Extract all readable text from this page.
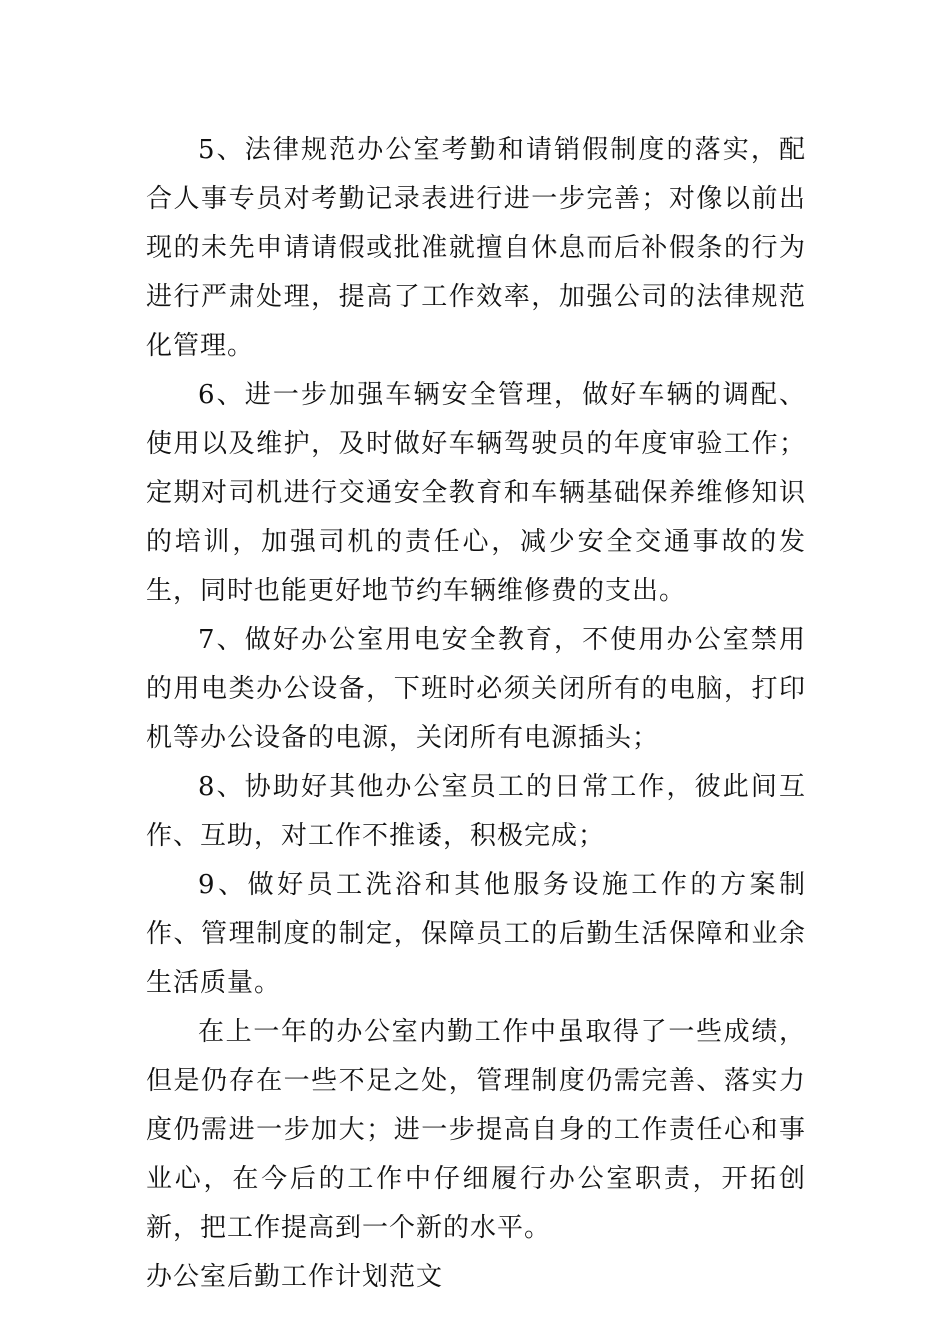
5、法律规范办公室考勤和请销假制度的落实，配合人事专员对考勤记录表进行进一步完善；对像以前出现的未先申请请假或批准就擅自休息而后补假条的行为进行严肃处理，提高了工作效率，加强公司的法律规范化管理。

6、进一步加强车辆安全管理，做好车辆的调配、使用以及维护，及时做好车辆驾驶员的年度审验工作；定期对司机进行交通安全教育和车辆基础保养维修知识的培训，加强司机的责任心，减少安全交通事故的发生，同时也能更好地节约车辆维修费的支出。

7、做好办公室用电安全教育，不使用办公室禁用的用电类办公设备，下班时必须关闭所有的电脑，打印机等办公设备的电源，关闭所有电源插头；

8、协助好其他办公室员工的日常工作，彼此间互作、互助，对工作不推诿，积极完成；

9、做好员工洗浴和其他服务设施工作的方案制作、管理制度的制定，保障员工的后勤生活保障和业余生活质量。

在上一年的办公室内勤工作中虽取得了一些成绩，但是仍存在一些不足之处，管理制度仍需完善、落实力度仍需进一步加大；进一步提高自身的工作责任心和事业心，在今后的工作中仔细履行办公室职责，开拓创新，把工作提高到一个新的水平。

办公室后勤工作计划范文
